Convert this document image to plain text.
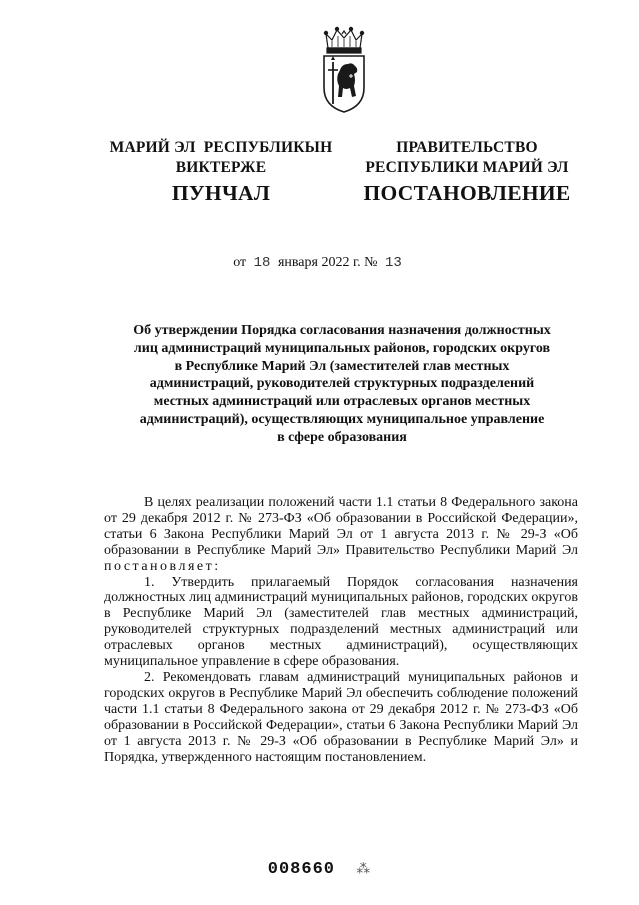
МАРИЙ ЭЛ  РЕСПУБЛИКЫН
ВИКТЕРЖЕ
ПРАВИТЕЛЬСТВО
РЕСПУБЛИКИ МАРИЙ ЭЛ
ПУНЧАЛ	ПОСТАНОВЛЕНИЕ
от 18 января 2022 г. № 13
Об утверждении Порядка согласования назначения должностных
лиц администраций муниципальных районов, городских округов
в Республике Марий Эл (заместителей глав местных
администраций, руководителей структурных подразделений
местных администраций или отраслевых органов местных
администраций), осуществляющих муниципальное управление
в сфере образования

В целях реализации положений части 1.1 статьи 8 Федерального закона от 29 декабря 2012 г. № 273-ФЗ «Об образовании в Российской Федерации», статьи 6 Закона Республики Марий Эл от 1 августа 2013 г. № 29-З «Об образовании в Республике Марий Эл» Правительство Республики Марий Эл постановляет:

1. Утвердить прилагаемый Порядок согласования назначения должностных лиц администраций муниципальных районов, городских округов в Республике Марий Эл (заместителей глав местных администраций, руководителей структурных подразделений местных администраций или отраслевых органов местных администраций), осуществляющих муниципальное управление в сфере образования.

2. Рекомендовать главам администраций муниципальных районов и городских округов в Республике Марий Эл обеспечить соблюдение положений части 1.1 статьи 8 Федерального закона от 29 декабря 2012 г. № 273-ФЗ «Об образовании в Российской Федерации», статьи 6 Закона Республики Марий Эл от 1 августа 2013 г. № 29-З «Об образовании в Республике Марий Эл» и Порядка, утвержденного настоящим постановлением.

008660 ⁂
